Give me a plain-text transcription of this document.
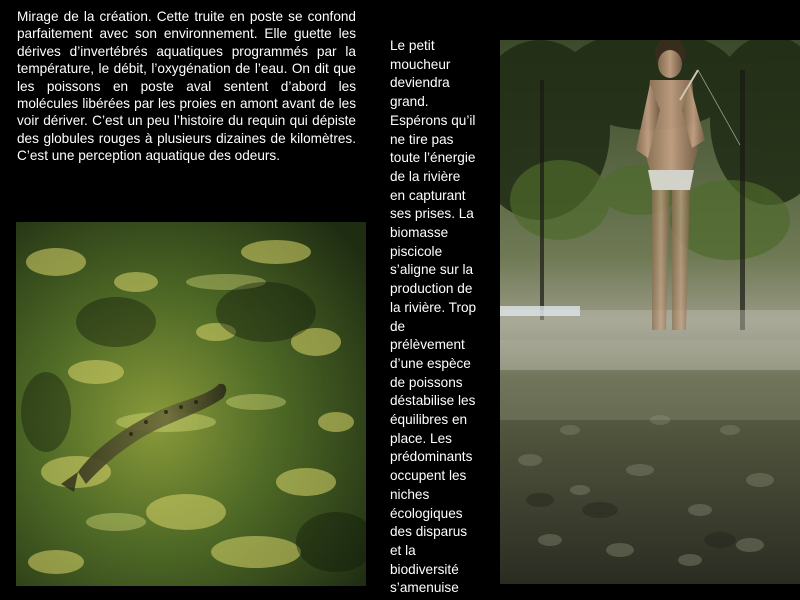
Mirage de la création. Cette truite en poste se confond parfaitement avec son environnement. Elle guette les dérives d’invertébrés aquatiques programmés par la température, le débit, l’oxygénation de l’eau. On dit que les poissons en poste aval sentent d’abord les molécules libérées par les proies en amont avant de les voir dériver. C’est un peu l’histoire du requin qui dépiste des globules rouges à plusieurs dizaines de kilomètres. C’est une perception aquatique des odeurs.
Le petit
moucheur
deviendra
grand.
Espérons qu’il
ne tire pas
toute l’énergie
de la rivière
en capturant
ses prises. La
biomasse
piscicole
s’aligne sur la
production de
la rivière. Trop
de
prélèvement
d’une espèce
de poissons
déstabilise les
équilibres en
place. Les
prédominants
occupent les
niches
écologiques
des disparus
et la
biodiversité
s’amenuise
